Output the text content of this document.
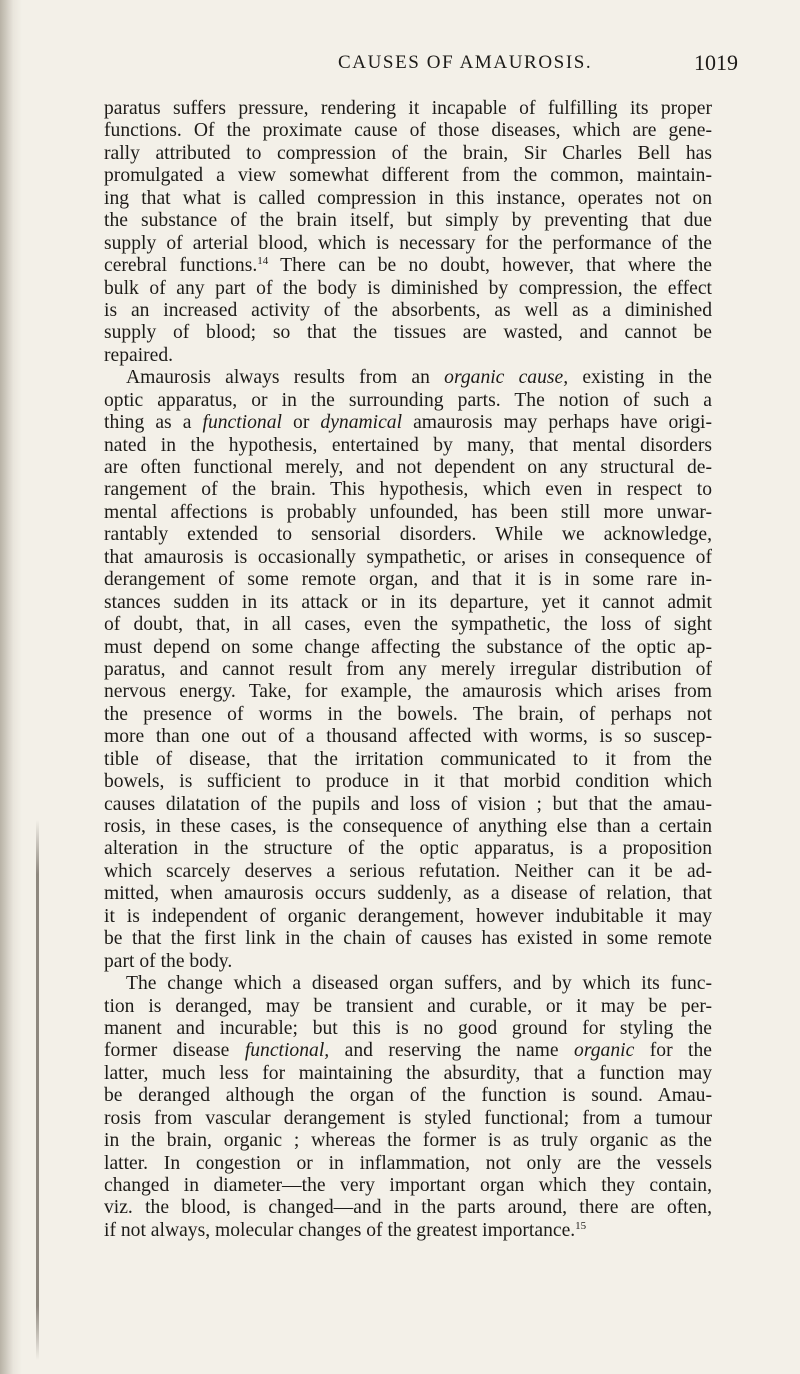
CAUSES OF AMAUROSIS.	1019
paratus suffers pressure, rendering it incapable of fulfilling its proper
functions. Of the proximate cause of those diseases, which are gene-
rally attributed to compression of the brain, Sir Charles Bell has
promulgated a view somewhat different from the common, maintain-
ing that what is called compression in this instance, operates not on
the substance of the brain itself, but simply by preventing that due
supply of arterial blood, which is necessary for the performance of the
cerebral functions.$^{14}$ There can be no doubt, however, that where the
bulk of any part of the body is diminished by compression, the effect
is an increased activity of the absorbents, as well as a diminished
supply of blood; so that the tissues are wasted, and cannot be
repaired.
Amaurosis always results from an organic cause, existing in the
optic apparatus, or in the surrounding parts. The notion of such a
thing as a functional or dynamical amaurosis may perhaps have origi-
nated in the hypothesis, entertained by many, that mental disorders
are often functional merely, and not dependent on any structural de-
rangement of the brain. This hypothesis, which even in respect to
mental affections is probably unfounded, has been still more unwar-
rantably extended to sensorial disorders. While we acknowledge,
that amaurosis is occasionally sympathetic, or arises in consequence of
derangement of some remote organ, and that it is in some rare in-
stances sudden in its attack or in its departure, yet it cannot admit
of doubt, that, in all cases, even the sympathetic, the loss of sight
must depend on some change affecting the substance of the optic ap-
paratus, and cannot result from any merely irregular distribution of
nervous energy. Take, for example, the amaurosis which arises from
the presence of worms in the bowels. The brain, of perhaps not
more than one out of a thousand affected with worms, is so suscep-
tible of disease, that the irritation communicated to it from the
bowels, is sufficient to produce in it that morbid condition which
causes dilatation of the pupils and loss of vision ; but that the amau-
rosis, in these cases, is the consequence of anything else than a certain
alteration in the structure of the optic apparatus, is a proposition
which scarcely deserves a serious refutation. Neither can it be ad-
mitted, when amaurosis occurs suddenly, as a disease of relation, that
it is independent of organic derangement, however indubitable it may
be that the first link in the chain of causes has existed in some remote
part of the body.
The change which a diseased organ suffers, and by which its func-
tion is deranged, may be transient and curable, or it may be per-
manent and incurable; but this is no good ground for styling the
former disease functional, and reserving the name organic for the
latter, much less for maintaining the absurdity, that a function may
be deranged although the organ of the function is sound. Amau-
rosis from vascular derangement is styled functional; from a tumour
in the brain, organic ; whereas the former is as truly organic as the
latter. In congestion or in inflammation, not only are the vessels
changed in diameter—the very important organ which they contain,
viz. the blood, is changed—and in the parts around, there are often,
if not always, molecular changes of the greatest importance.$^{15}$
